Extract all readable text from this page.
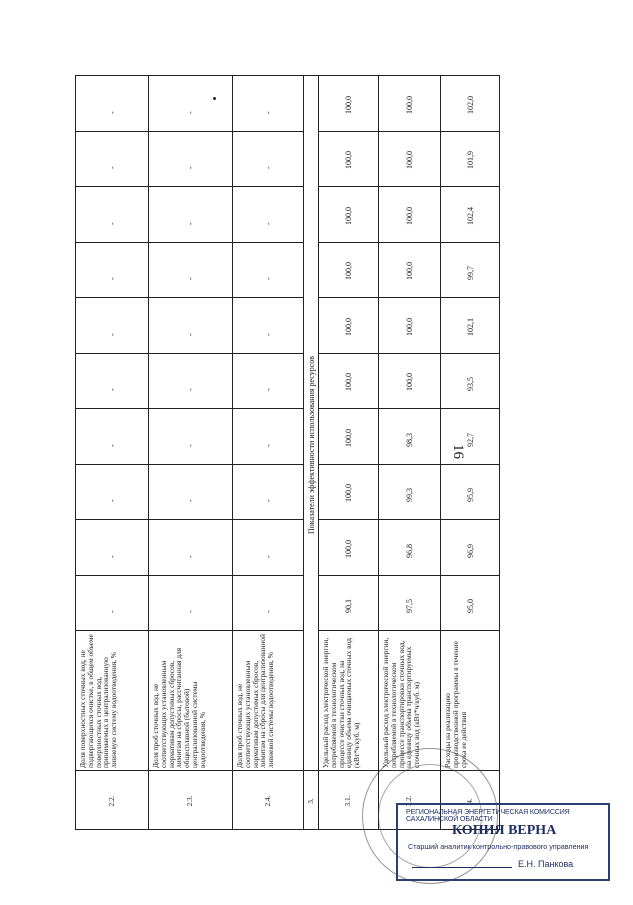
16
2.2.
Доля поверхностных сточных вод, не подвергающихся очистке, в общем объеме поверхностных сточных вод, принимаемых в централизованную ливневую систему водоотведения, %
-
-
-
-
-
-
-
-
-
-
2.3.
Доля проб сточных вод, не соответствующих установленным нормативам допустимых сбросов, лимитам на сбросы, рассчитанная для общесплавной (бытовой) централизованной системы водоотведения, %
-
-
-
-
-
-
-
-
-
-
2.4.
Доля проб сточных вод, не соответствующих установленным нормативам допустимых сбросов, лимитам на сбросы для централизованной ливневой системы водоотведения, %
-
-
-
-
-
-
-
-
-
-
3.
Показатели эффективности использования ресурсов
3.1.
Удельный расход электрической энергии, потребляемой в технологическом процессе очистки сточных вод, на единицу объема очищаемых сточных вод (кВт*ч/куб. м)
90,1
100,0
100,0
100,0
100,0
100,0
100,0
100,0
100,0
100,0
3.2.
Удельный расход электрической энергии, потребляемой в технологическом процессе транспортировки сточных вод, на единицу объема транспортируемых сточных вод (кВт*ч/куб. м)
97,5
96,8
99,3
98,3
100,0
100,0
100,0
100,0
100,0
100,0
4.
Расходы на реализацию производственной программы в течение срока ее действия
95,0
96,9
95,9
92,7
93,5
102,1
99,7
102,4
101,9
102,0
РЕГИОНАЛЬНАЯ ЭНЕРГЕТИЧЕСКАЯ КОМИССИЯ САХАЛИНСКОЙ ОБЛАСТИ
КОПИЯ ВЕРНА
Старший аналитик контрольно-правового управления
Е.Н. Панкова
